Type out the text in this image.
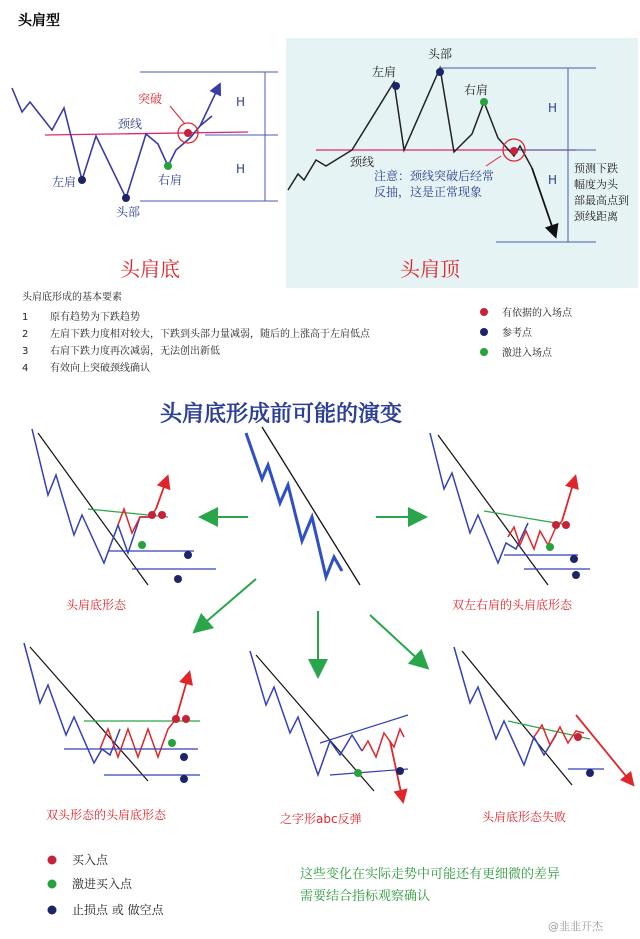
头肩型
突破
颈线
左肩	右肩
头部
H
H
头肩底
头部
左肩
右肩
颈线
注意：颈线突破后经常
反抽，这是正常现象
H
H
预测下跌
幅度为头
部最高点到
颈线距离
头肩顶
头肩底形成的基本要素
1 原有趋势为下跌趋势
2 左肩下跌力度相对较大，下跌到头部力量减弱，随后的上涨高于左肩低点
3 右肩下跌力度再次减弱，无法创出新低
4 有效向上突破颈线确认
有依据的入场点
参考点
激进入场点
头肩底形成前可能的演变
头肩底形态	双左右肩的头肩底形态
双头形态的头肩底形态	之字形abc反弹	头肩底形态失败
买入点
激进买入点
止损点 或 做空点
这些变化在实际走势中可能还有更细微的差异
需要结合指标观察确认
@韭韭开杰
